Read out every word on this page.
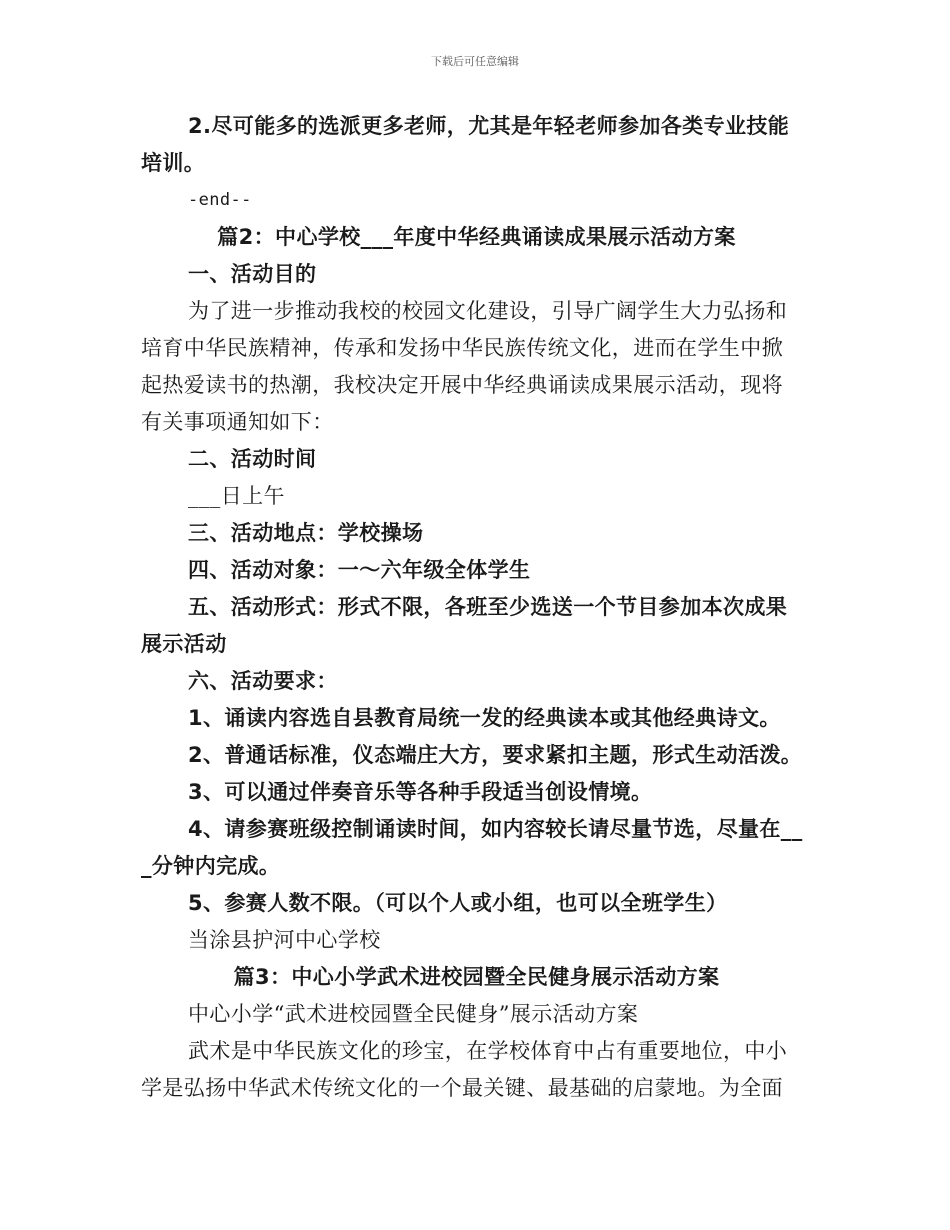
下载后可任意编辑
2.尽可能多的选派更多老师，尤其是年轻老师参加各类专业技能
培训。
-end--
篇2：中心学校___年度中华经典诵读成果展示活动方案
一、活动目的
为了进一步推动我校的校园文化建设，引导广阔学生大力弘扬和
培育中华民族精神，传承和发扬中华民族传统文化，进而在学生中掀
起热爱读书的热潮，我校决定开展中华经典诵读成果展示活动，现将
有关事项通知如下：
二、活动时间
___日上午
三、活动地点：学校操场
四、活动对象：一～六年级全体学生
五、活动形式：形式不限，各班至少选送一个节目参加本次成果
展示活动
六、活动要求：
1、诵读内容选自县教育局统一发的经典读本或其他经典诗文。
2、普通话标准，仪态端庄大方，要求紧扣主题，形式生动活泼。
3、可以通过伴奏音乐等各种手段适当创设情境。
4、请参赛班级控制诵读时间，如内容较长请尽量节选，尽量在__
_分钟内完成。
5、参赛人数不限。（可以个人或小组，也可以全班学生）
当涂县护河中心学校
篇3：中心小学武术进校园暨全民健身展示活动方案
中心小学“武术进校园暨全民健身”展示活动方案
武术是中华民族文化的珍宝，在学校体育中占有重要地位，中小
学是弘扬中华武术传统文化的一个最关键、最基础的启蒙地。为全面
